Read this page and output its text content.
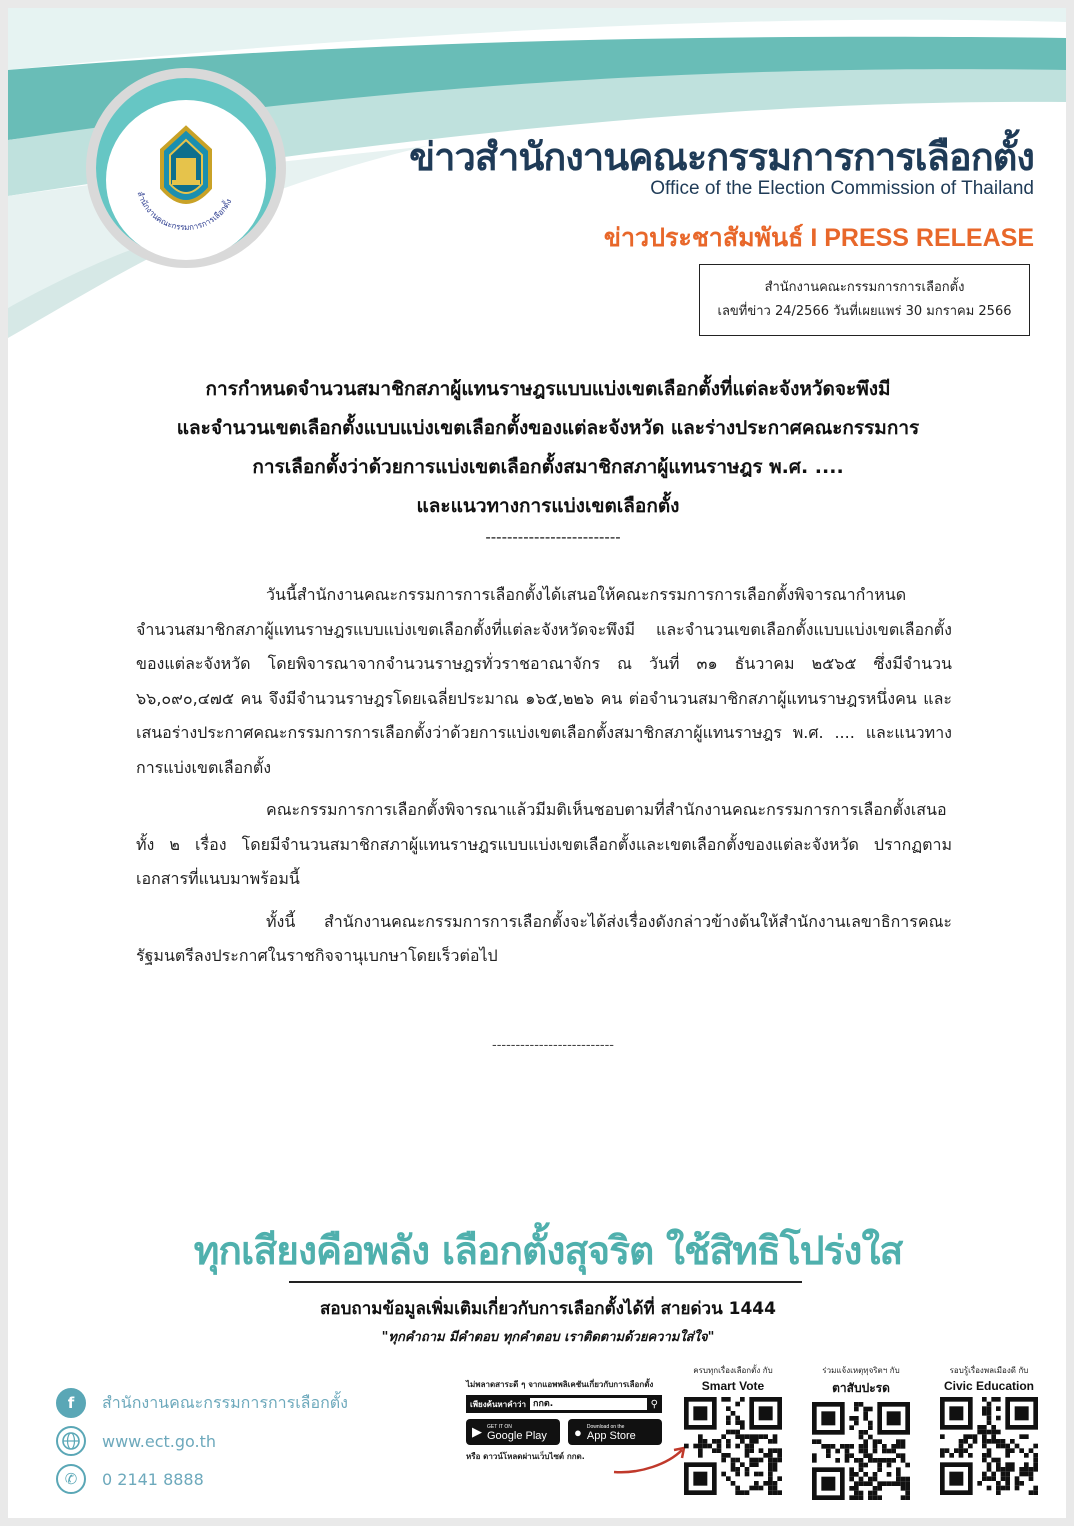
สำนักงานคณะกรรมการการเลือกตั้ง
ข่าวสำนักงานคณะกรรมการการเลือกตั้ง
Office of the Election Commission of Thailand
ข่าวประชาสัมพันธ์ I PRESS RELEASE
สำนักงานคณะกรรมการการเลือกตั้ง
เลขที่ข่าว 24/2566 วันที่เผยแพร่ 30 มกราคม 2566
การกำหนดจำนวนสมาชิกสภาผู้แทนราษฎรแบบแบ่งเขตเลือกตั้งที่แต่ละจังหวัดจะพึงมี
และจำนวนเขตเลือกตั้งแบบแบ่งเขตเลือกตั้งของแต่ละจังหวัด และร่างประกาศคณะกรรมการ
การเลือกตั้งว่าด้วยการแบ่งเขตเลือกตั้งสมาชิกสภาผู้แทนราษฎร พ.ศ. ....
และแนวทางการแบ่งเขตเลือกตั้ง
-------------------------

วันนี้สำนักงานคณะกรรมการการเลือกตั้งได้เสนอให้คณะกรรมการการเลือกตั้งพิจารณากำหนดจำนวนสมาชิกสภาผู้แทนราษฎรแบบแบ่งเขตเลือกตั้งที่แต่ละจังหวัดจะพึงมี และจำนวนเขตเลือกตั้งแบบแบ่งเขตเลือกตั้งของแต่ละจังหวัด โดยพิจารณาจากจำนวนราษฎรทั่วราชอาณาจักร ณ วันที่ ๓๑ ธันวาคม ๒๕๖๕ ซึ่งมีจำนวน ๖๖,๐๙๐,๔๗๕ คน จึงมีจำนวนราษฎรโดยเฉลี่ยประมาณ ๑๖๕,๒๒๖ คน ต่อจำนวนสมาชิกสภาผู้แทนราษฎรหนึ่งคน และเสนอร่างประกาศคณะกรรมการการเลือกตั้งว่าด้วยการแบ่งเขตเลือกตั้งสมาชิกสภาผู้แทนราษฎร พ.ศ. .... และแนวทางการแบ่งเขตเลือกตั้ง

คณะกรรมการการเลือกตั้งพิจารณาแล้วมีมติเห็นชอบตามที่สำนักงานคณะกรรมการการเลือกตั้งเสนอทั้ง ๒ เรื่อง โดยมีจำนวนสมาชิกสภาผู้แทนราษฎรแบบแบ่งเขตเลือกตั้งและเขตเลือกตั้งของแต่ละจังหวัด ปรากฏตามเอกสารที่แนบมาพร้อมนี้

ทั้งนี้ สำนักงานคณะกรรมการการเลือกตั้งจะได้ส่งเรื่องดังกล่าวข้างต้นให้สำนักงานเลขาธิการคณะรัฐมนตรีลงประกาศในราชกิจจานุเบกษาโดยเร็วต่อไป

--------------------------
ทุกเสียงคือพลัง เลือกตั้งสุจริต ใช้สิทธิโปร่งใส
สอบถามข้อมูลเพิ่มเติมเกี่ยวกับการเลือกตั้งได้ที่ สายด่วน 1444
"ทุกคำถาม มีคำตอบ ทุกคำตอบ เราติดตามด้วยความใส่ใจ"
f	สำนักงานคณะกรรมการการเลือกตั้ง
www.ect.go.th
✆	0 2141 8888
ไม่พลาดสาระดี ๆ จากแอพพลิเคชันเกี่ยวกับการเลือกตั้ง
เพียงค้นหาคำว่า กกต.	⚲
▶ GET IT ON
Google Play ● Download on the
App Store
หรือ ดาวน์โหลดผ่านเว็บไซต์ กกต.
ครบทุกเรื่องเลือกตั้ง กับ
Smart Vote
ร่วมแจ้งเหตุทุจริตฯ กับ
ตาสับปะรด
รอบรู้เรื่องพลเมืองดี กับ
Civic Education
